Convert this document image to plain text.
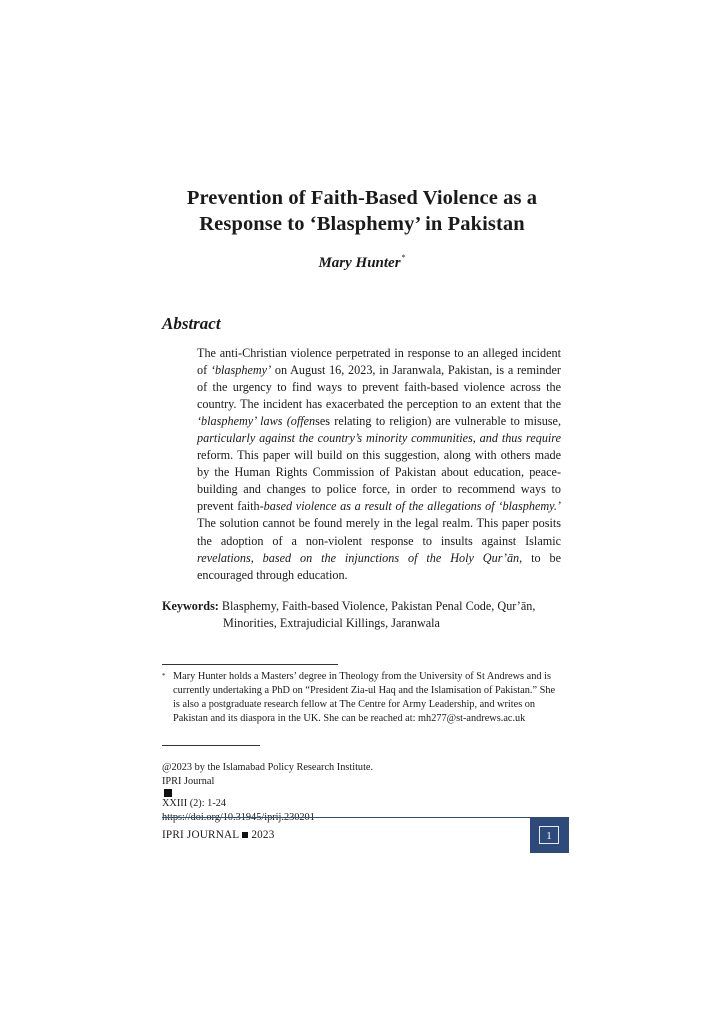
Prevention of Faith-Based Violence as a
Response to ‘Blasphemy’ in Pakistan
Mary Hunter*
Abstract
The anti-Christian violence perpetrated in response to an alleged incident of ‘blasphemy’ on August 16, 2023, in Jaranwala, Pakistan, is a reminder of the urgency to find ways to prevent faith-based violence across the country. The incident has exacerbated the perception to an extent that the ‘blasphemy’ laws (offenses relating to religion) are vulnerable to misuse, particularly against the country’s minority communities, and thus require reform. This paper will build on this suggestion, along with others made by the Human Rights Commission of Pakistan about education, peace-building and changes to police force, in order to recommend ways to prevent faith-based violence as a result of the allegations of ‘blasphemy.’ The solution cannot be found merely in the legal realm. This paper posits the adoption of a non-violent response to insults against Islamic revelations, based on the injunctions of the Holy Qur’ān, to be encouraged through education.
Keywords: Blasphemy, Faith-based Violence, Pakistan Penal Code, Qur’ān,
Minorities, Extrajudicial Killings, Jaranwala
* Mary Hunter holds a Masters’ degree in Theology from the University of St Andrews and is currently undertaking a PhD on “President Zia-ul Haq and the Islamisation of Pakistan.” She is also a postgraduate research fellow at The Centre for Army Leadership, and writes on Pakistan and its diaspora in the UK. She can be reached at: mh277@st-andrews.ac.uk
@2023 by the Islamabad Policy Research Institute.
IPRI Journal
XXIII (2): 1-24
https://doi.org/10.31945/iprij.230201
IPRI JOURNAL 2023	1
